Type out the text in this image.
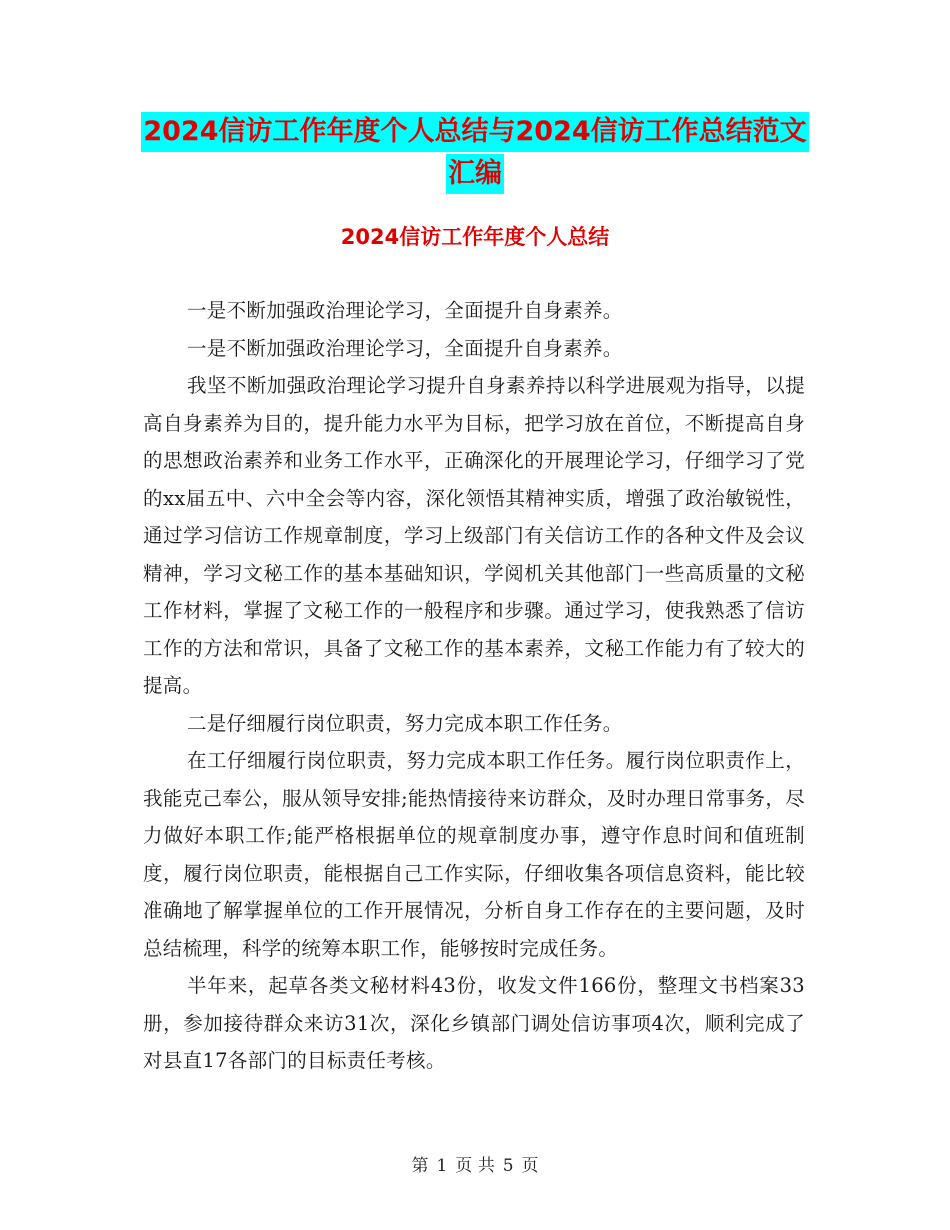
2024信访工作年度个人总结与2024信访工作总结范文
汇编
2024信访工作年度个人总结

一是不断加强政治理论学习，全面提升自身素养。

一是不断加强政治理论学习，全面提升自身素养。

我坚不断加强政治理论学习提升自身素养持以科学进展观为指导，以提高自身素养为目的，提升能力水平为目标，把学习放在首位，不断提高自身的思想政治素养和业务工作水平，正确深化的开展理论学习，仔细学习了党的xx届五中、六中全会等内容，深化领悟其精神实质，增强了政治敏锐性，通过学习信访工作规章制度，学习上级部门有关信访工作的各种文件及会议精神，学习文秘工作的基本基础知识，学阅机关其他部门一些高质量的文秘工作材料，掌握了文秘工作的一般程序和步骤。通过学习，使我熟悉了信访工作的方法和常识，具备了文秘工作的基本素养，文秘工作能力有了较大的提高。

二是仔细履行岗位职责，努力完成本职工作任务。

在工仔细履行岗位职责，努力完成本职工作任务。履行岗位职责作上，我能克己奉公，服从领导安排;能热情接待来访群众，及时办理日常事务，尽力做好本职工作;能严格根据单位的规章制度办事，遵守作息时间和值班制度，履行岗位职责，能根据自己工作实际，仔细收集各项信息资料，能比较准确地了解掌握单位的工作开展情况，分析自身工作存在的主要问题，及时总结梳理，科学的统筹本职工作，能够按时完成任务。

半年来，起草各类文秘材料43份，收发文件166份，整理文书档案33册，参加接待群众来访31次，深化乡镇部门调处信访事项4次，顺利完成了对县直17各部门的目标责任考核。

第 1 页 共 5 页
